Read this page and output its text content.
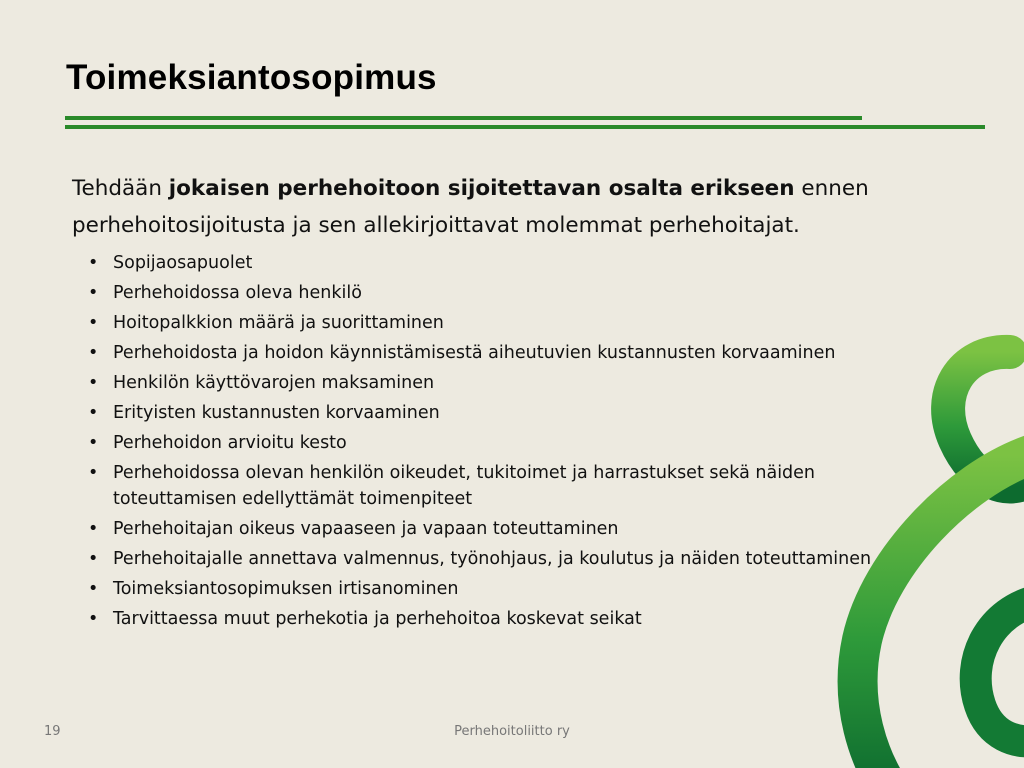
Toimeksiantosopimus

Tehdään jokaisen perhehoitoon sijoitettavan osalta erikseen ennen perhehoitosijoitusta ja sen allekirjoittavat molemmat perhehoitajat.

• Sopijaosapuolet
• Perhehoidossa oleva henkilö
• Hoitopalkkion määrä ja suorittaminen
• Perhehoidosta ja hoidon käynnistämisestä aiheutuvien kustannusten korvaaminen
• Henkilön käyttövarojen maksaminen
• Erityisten kustannusten korvaaminen
• Perhehoidon arvioitu kesto
• Perhehoidossa olevan henkilön oikeudet, tukitoimet ja harrastukset sekä näiden toteuttamisen edellyttämät toimenpiteet
• Perhehoitajan oikeus vapaaseen ja vapaan toteuttaminen
• Perhehoitajalle annettava valmennus, työnohjaus, ja koulutus ja näiden toteuttaminen
• Toimeksiantosopimuksen irtisanominen
• Tarvittaessa muut perhekotia ja perhehoitoa koskevat seikat
19	Perhehoitoliitto ry
